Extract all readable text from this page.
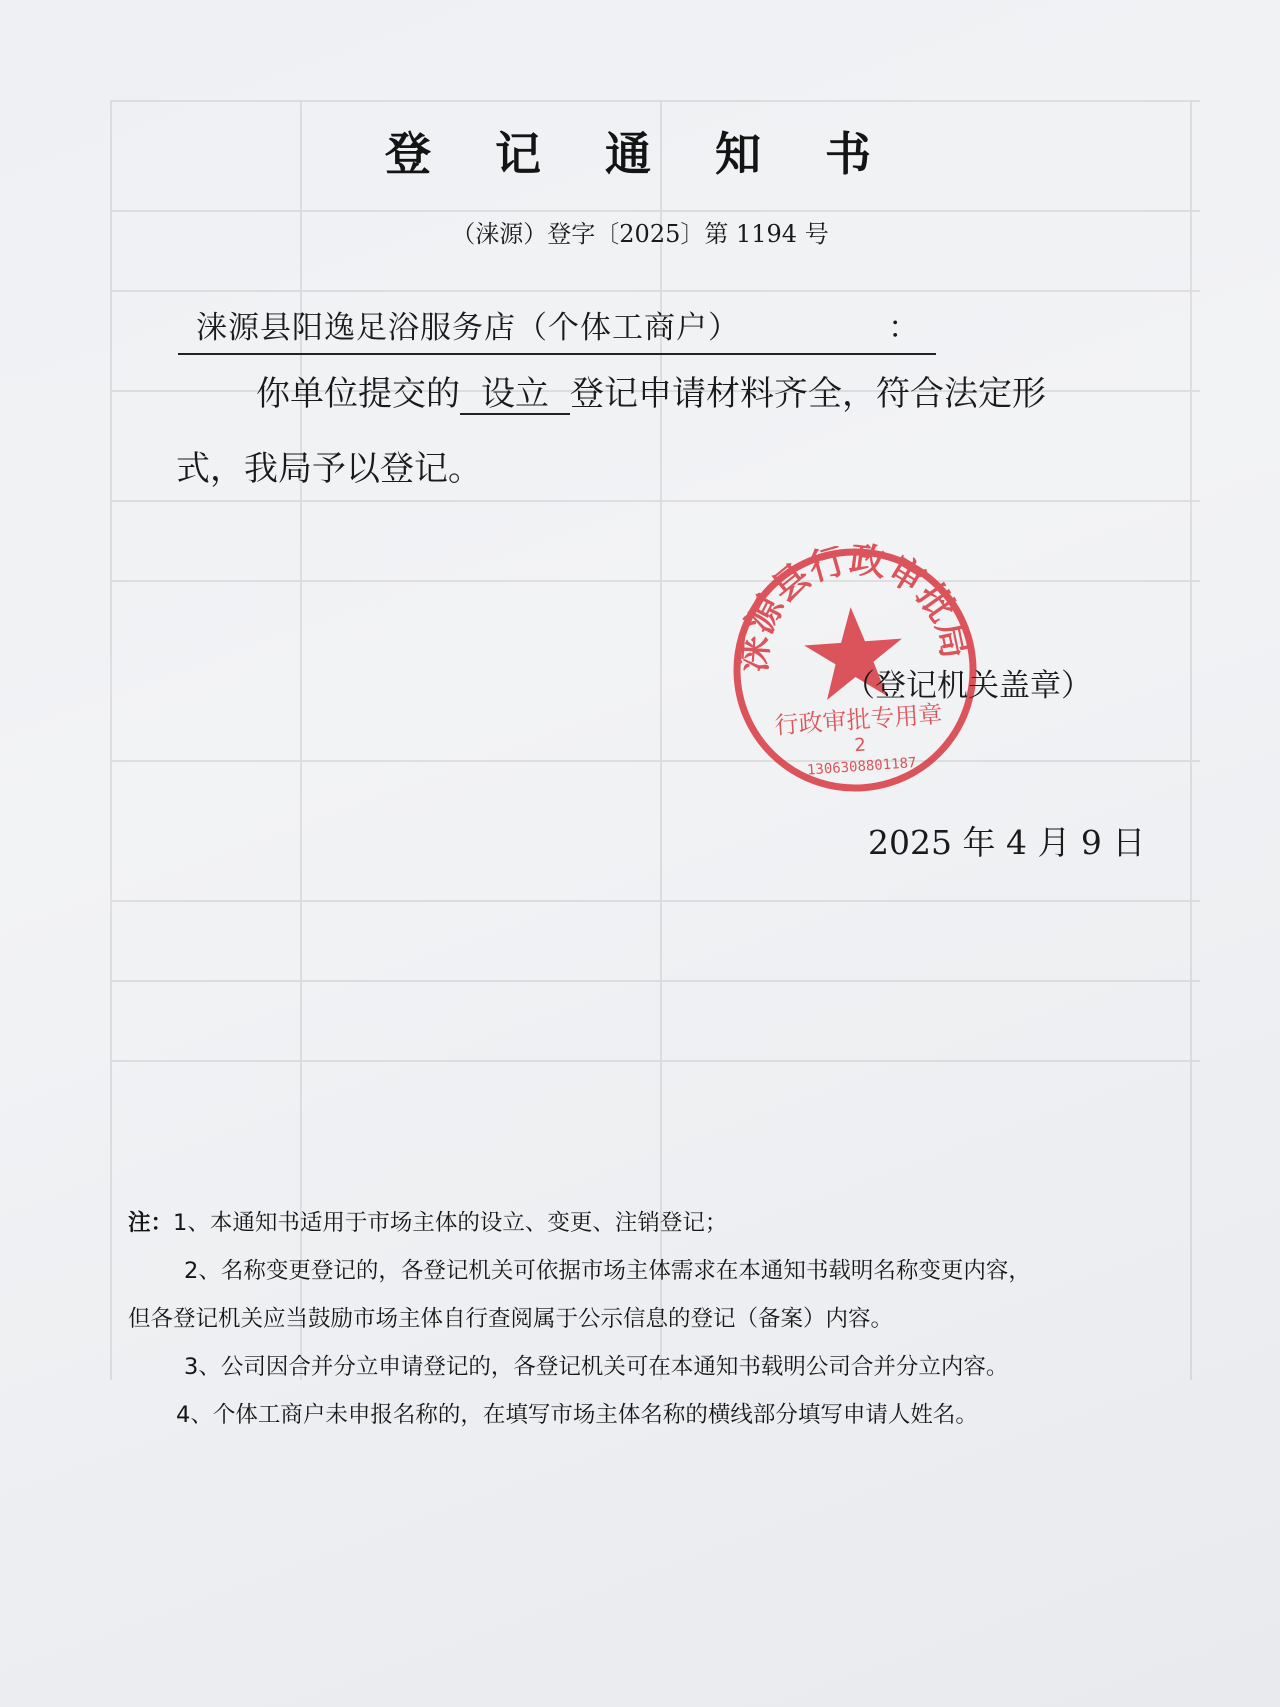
登 记 通 知 书
（涞源）登字〔2025〕第 1194 号
涞源县阳逸足浴服务店（个体工商户）	：
你单位提交的 设立 登记申请材料齐全，符合法定形
式，我局予以登记。
涞源县行政审批局
行政审批专用章
2
1306308801187
（登记机关盖章）
2025 年 4 月 9 日
注：1、本通知书适用于市场主体的设立、变更、注销登记；
2、名称变更登记的，各登记机关可依据市场主体需求在本通知书载明名称变更内容，
但各登记机关应当鼓励市场主体自行查阅属于公示信息的登记（备案）内容。
3、公司因合并分立申请登记的，各登记机关可在本通知书载明公司合并分立内容。
4、个体工商户未申报名称的，在填写市场主体名称的横线部分填写申请人姓名。
